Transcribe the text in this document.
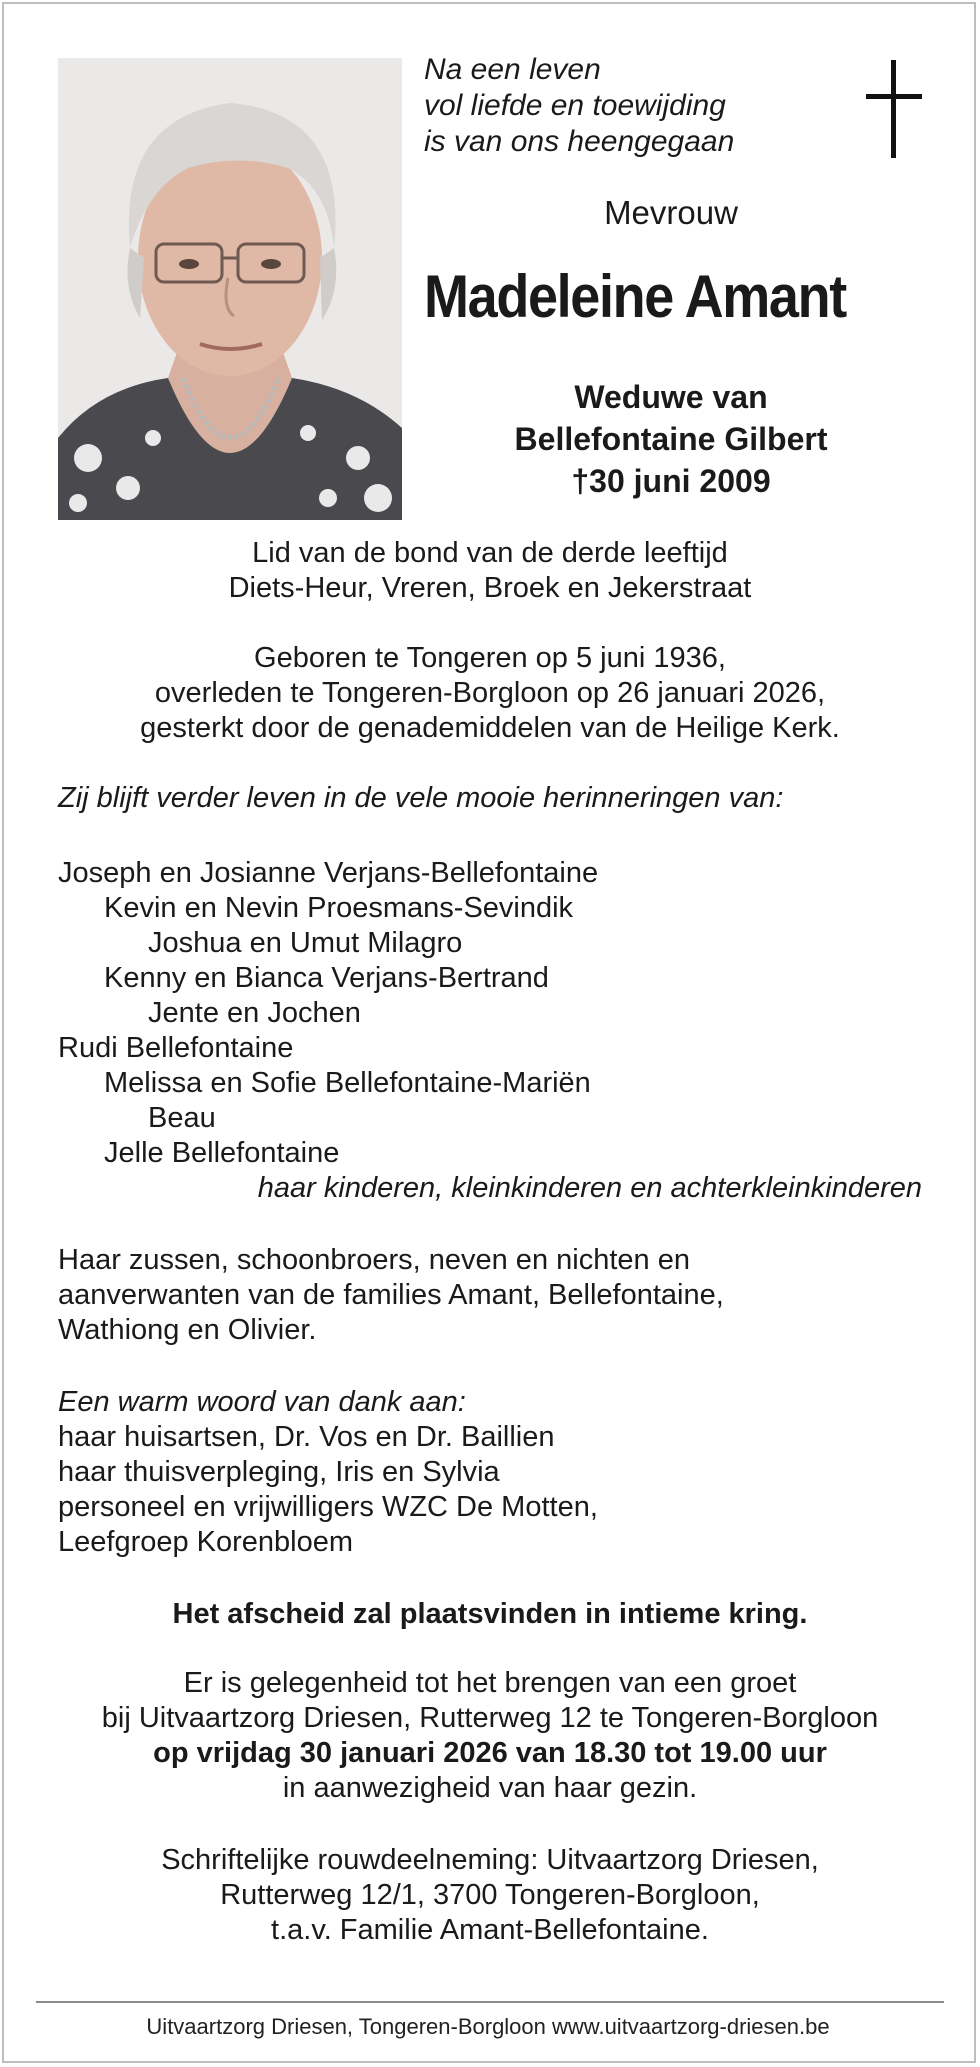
Na een leven
vol liefde en toewijding
is van ons heengegaan
Mevrouw
Madeleine Amant
Weduwe van
Bellefontaine Gilbert
†30 juni 2009
Lid van de bond van de derde leeftijd
Diets-Heur, Vreren, Broek en Jekerstraat
Geboren te Tongeren op 5 juni 1936,
overleden te Tongeren-Borgloon op 26 januari 2026,
gesterkt door de genademiddelen van de Heilige Kerk.
Zij blijft verder leven in de vele mooie herinneringen van:
Joseph en Josianne Verjans-Bellefontaine
Kevin en Nevin Proesmans-Sevindik
Joshua en Umut Milagro
Kenny en Bianca Verjans-Bertrand
Jente en Jochen
Rudi Bellefontaine
Melissa en Sofie Bellefontaine-Mariën
Beau
Jelle Bellefontaine
haar kinderen, kleinkinderen en achterkleinkinderen
Haar zussen, schoonbroers, neven en nichten en
aanverwanten van de families Amant, Bellefontaine,
Wathiong en Olivier.
Een warm woord van dank aan:
haar huisartsen, Dr. Vos en Dr. Baillien
haar thuisverpleging, Iris en Sylvia
personeel en vrijwilligers WZC De Motten,
Leefgroep Korenbloem
Het afscheid zal plaatsvinden in intieme kring.
Er is gelegenheid tot het brengen van een groet
bij Uitvaartzorg Driesen, Rutterweg 12 te Tongeren-Borgloon
op vrijdag 30 januari 2026 van 18.30 tot 19.00 uur
in aanwezigheid van haar gezin.
Schriftelijke rouwdeelneming: Uitvaartzorg Driesen,
Rutterweg 12/1, 3700 Tongeren-Borgloon,
t.a.v. Familie Amant-Bellefontaine.
Uitvaartzorg Driesen, Tongeren-Borgloon www.uitvaartzorg-driesen.be
